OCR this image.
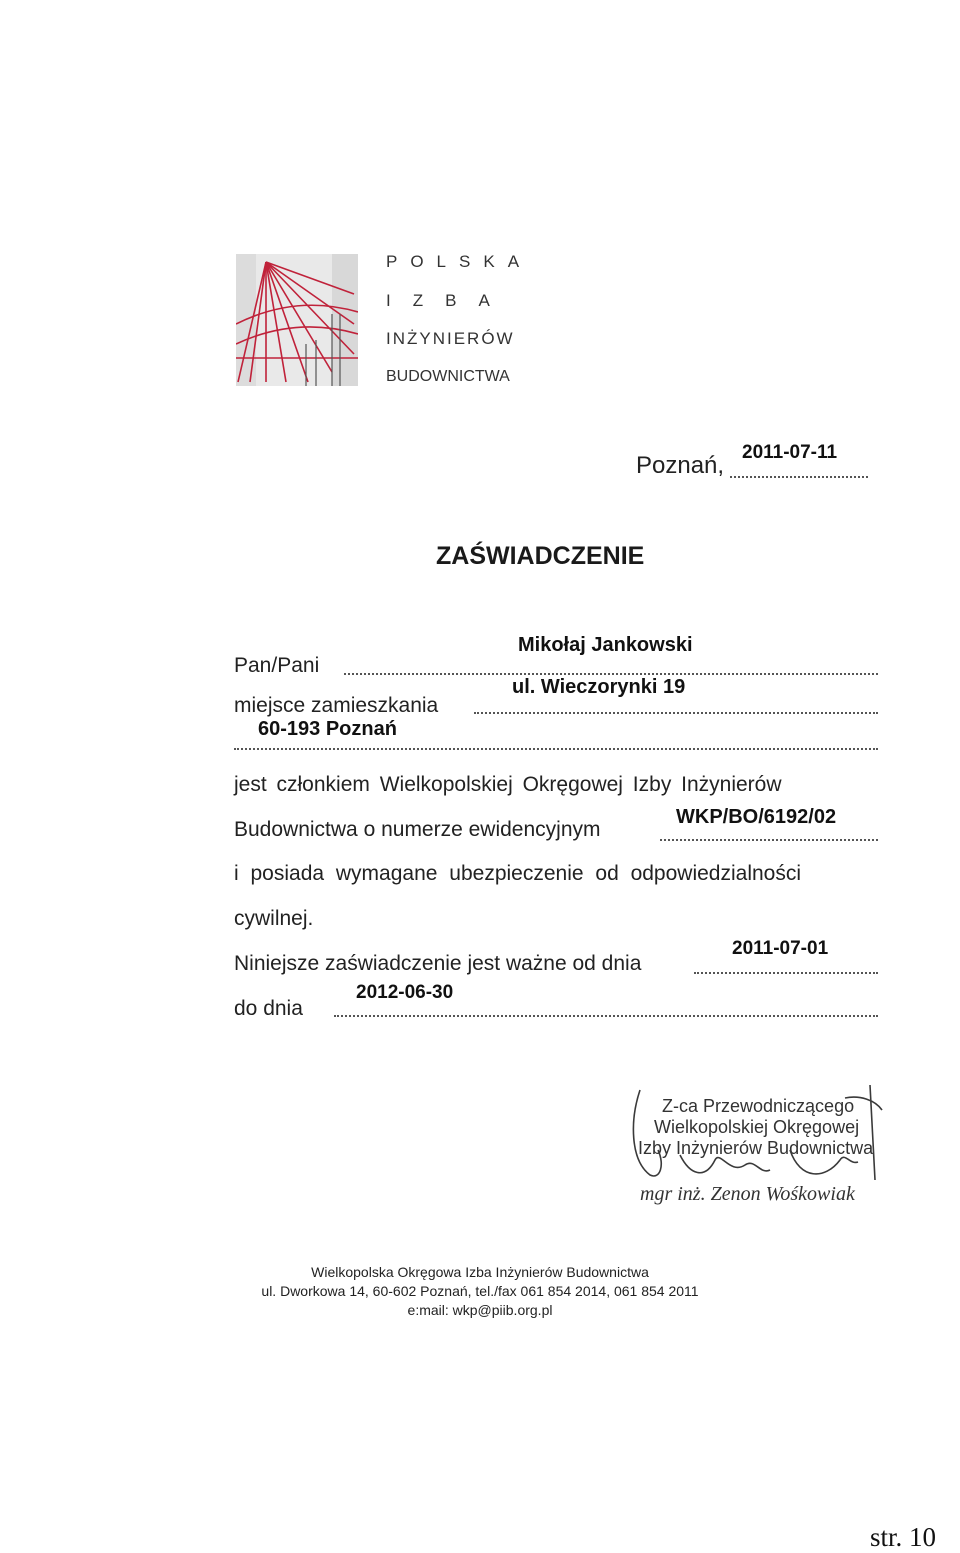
POLSKA
IZBA
INŻYNIERÓW
BUDOWNICTWA
Poznań, 2011-07-11
ZAŚWIADCZENIE
Pan/Pani
Mikołaj Jankowski
ul. Wieczorynki 19
miejsce zamieszkania
60-193 Poznań
jest członkiem Wielkopolskiej Okręgowej Izby Inżynierów
Budownictwa o numerze ewidencyjnym
WKP/BO/6192/02
i posiada wymagane ubezpieczenie od odpowiedzialności
cywilnej.
Niniejsze zaświadczenie jest ważne od dnia
2011-07-01
do dnia
2012-06-30
Z-ca Przewodniczącego
Wielkopolskiej Okręgowej
Izby Inżynierów Budownictwa
mgr inż. Zenon Wośkowiak
Wielkopolska Okręgowa Izba Inżynierów Budownictwa
ul. Dworkowa 14, 60-602 Poznań, tel./fax 061 854 2014, 061 854 2011
e:mail: wkp@piib.org.pl
str. 10
